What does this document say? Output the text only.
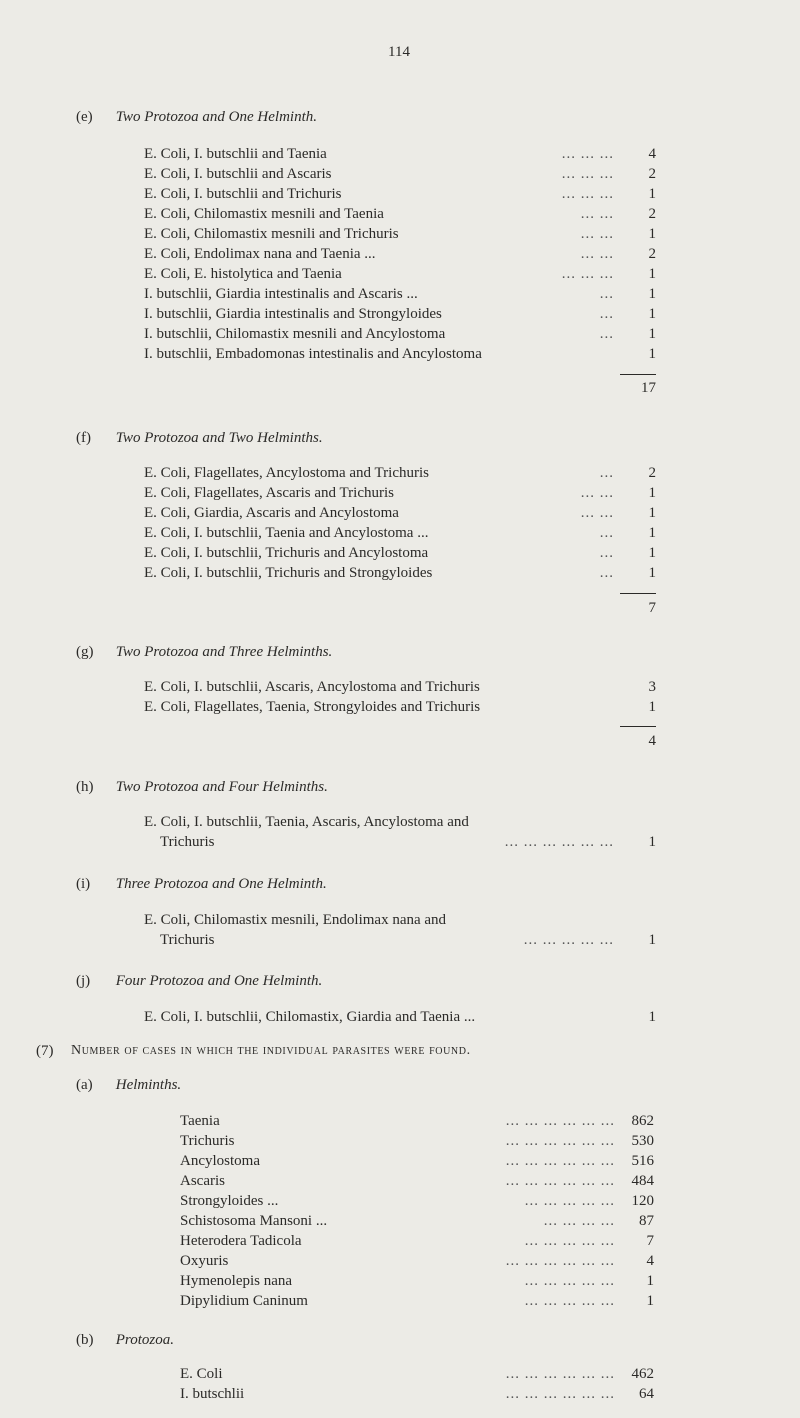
114
(e) Two Protozoa and One Helminth.
... ... ...
E. Coli, I. butschlii and Taenia	4
... ... ...
E. Coli, I. butschlii and Ascaris	2
... ... ...
E. Coli, I. butschlii and Trichuris	1
... ...
E. Coli, Chilomastix mesnili and Taenia	2
... ...
E. Coli, Chilomastix mesnili and Trichuris	1
... ...
E. Coli, Endolimax nana and Taenia ...	2
... ... ...
E. Coli, E. histolytica and Taenia	1
...
I. butschlii, Giardia intestinalis and Ascaris ...	1
...
I. butschlii, Giardia intestinalis and Strongyloides	1
...
I. butschlii, Chilomastix mesnili and Ancylostoma	1
I. butschlii, Embadomonas intestinalis and Ancylostoma	1
17
(f) Two Protozoa and Two Helminths.
...
E. Coli, Flagellates, Ancylostoma and Trichuris	2
... ...
E. Coli, Flagellates, Ascaris and Trichuris	1
... ...
E. Coli, Giardia, Ascaris and Ancylostoma	1
...
E. Coli, I. butschlii, Taenia and Ancylostoma ...	1
...
E. Coli, I. butschlii, Trichuris and Ancylostoma	1
...
E. Coli, I. butschlii, Trichuris and Strongyloides	1
7
(g) Two Protozoa and Three Helminths.
E. Coli, I. butschlii, Ascaris, Ancylostoma and Trichuris	3
E. Coli, Flagellates, Taenia, Strongyloides and Trichuris	1
4
(h) Two Protozoa and Four Helminths.
E. Coli, I. butschlii, Taenia, Ascaris, Ancylostoma and
... ... ... ... ... ...
Trichuris	1
(i) Three Protozoa and One Helminth.
E. Coli, Chilomastix mesnili, Endolimax nana and
... ... ... ... ...
Trichuris	1
(j) Four Protozoa and One Helminth.
E. Coli, I. butschlii, Chilomastix, Giardia and Taenia ...	1
(7) Number of cases in which the individual parasites were found.
(a) Helminths.
... ... ... ... ... ...
Taenia	862
... ... ... ... ... ...
Trichuris	530
... ... ... ... ... ...
Ancylostoma	516
... ... ... ... ... ...
Ascaris	484
... ... ... ... ...
Strongyloides ...	120
... ... ... ...
Schistosoma Mansoni ...	87
... ... ... ... ...
Heterodera Tadicola	7
... ... ... ... ... ...
Oxyuris	4
... ... ... ... ...
Hymenolepis nana	1
... ... ... ... ...
Dipylidium Caninum	1
(b) Protozoa.
... ... ... ... ... ...
E. Coli	462
... ... ... ... ... ...
I. butschlii	64
